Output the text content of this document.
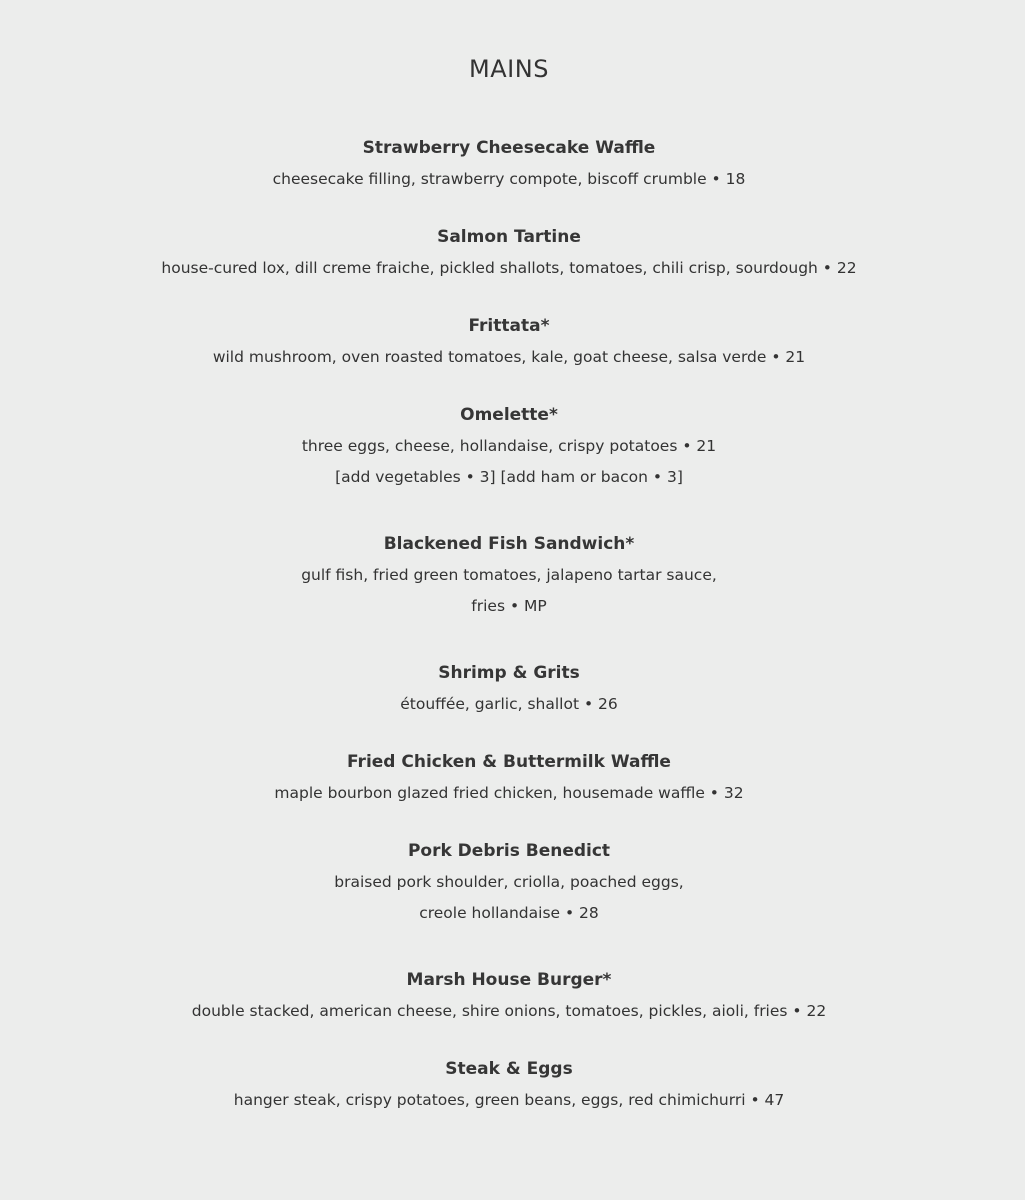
MAINS
Strawberry Cheesecake Waffle
cheesecake filling, strawberry compote, biscoff crumble • 18
Salmon Tartine
house-cured lox, dill creme fraiche, pickled shallots, tomatoes, chili crisp, sourdough • 22
Frittata*
wild mushroom, oven roasted tomatoes, kale, goat cheese, salsa verde • 21
Omelette*
three eggs, cheese, hollandaise, crispy potatoes • 21
[add vegetables • 3] [add ham or bacon • 3]
Blackened Fish Sandwich*
gulf fish, fried green tomatoes, jalapeno tartar sauce,
fries • MP
Shrimp & Grits
étouffée, garlic, shallot • 26
Fried Chicken & Buttermilk Waffle
maple bourbon glazed fried chicken, housemade waffle • 32
Pork Debris Benedict
braised pork shoulder, criolla, poached eggs,
creole hollandaise • 28
Marsh House Burger*
double stacked, american cheese, shire onions, tomatoes, pickles, aioli, fries • 22
Steak & Eggs
hanger steak, crispy potatoes, green beans, eggs, red chimichurri • 47
